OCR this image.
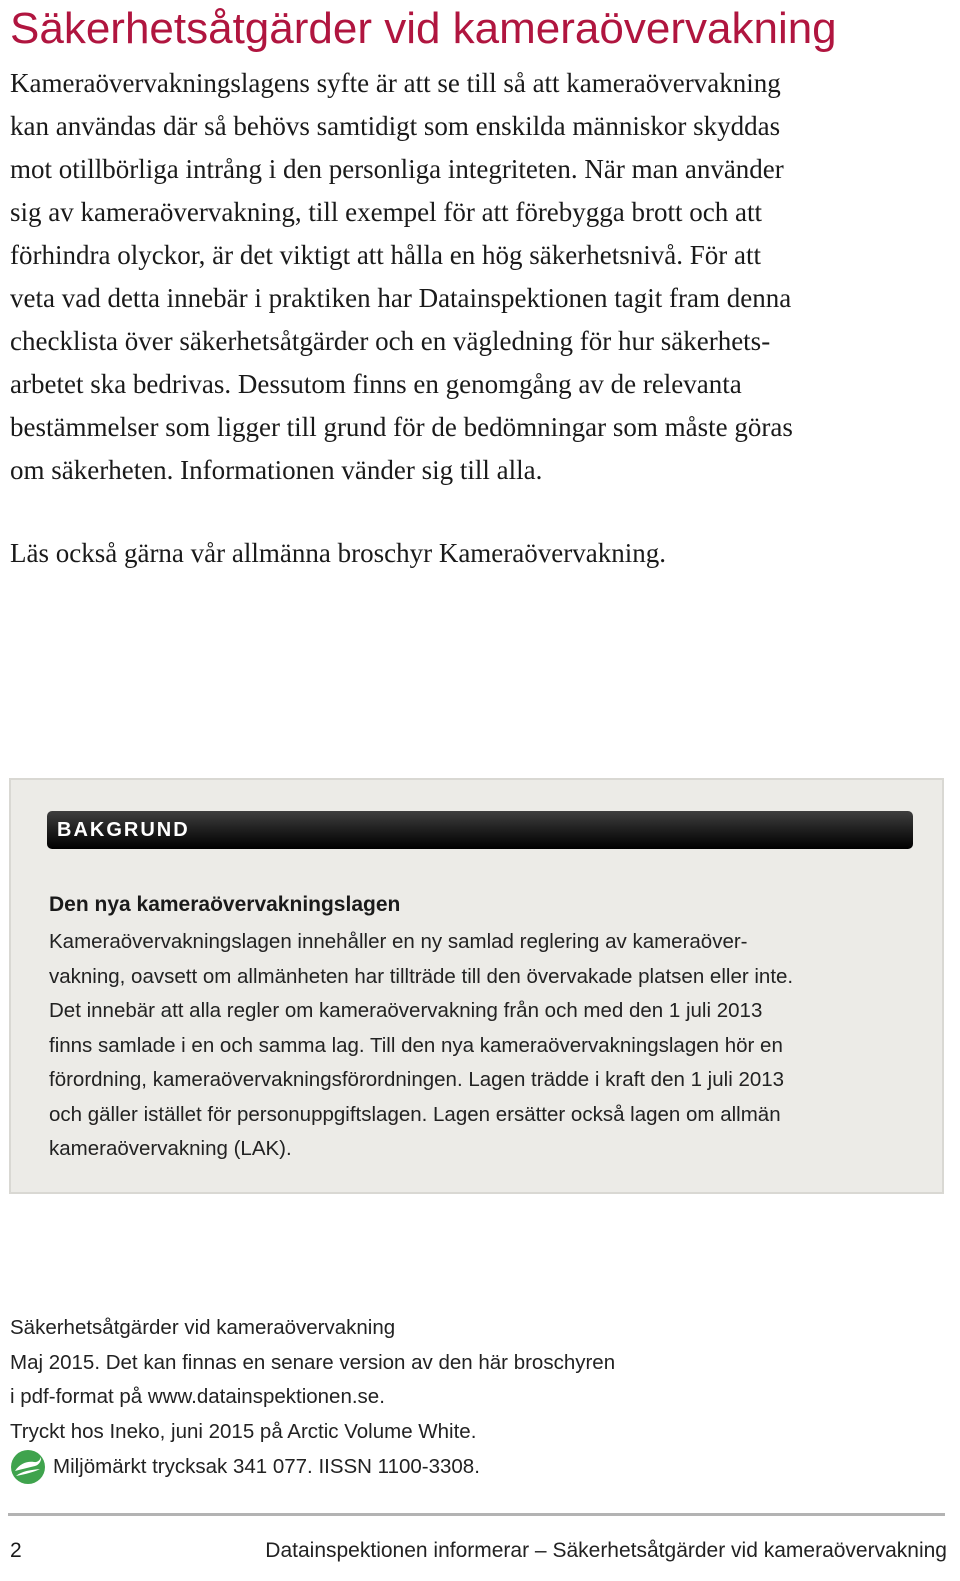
Säkerhetsåtgärder vid kameraövervakning
Kameraövervakningslagens syfte är att se till så att kameraövervakning
kan användas där så behövs samtidigt som enskilda människor skyddas
mot otillbörliga intrång i den personliga integriteten. När man använder
sig av kameraövervakning, till exempel för att förebygga brott och att
förhindra olyckor, är det viktigt att hålla en hög säkerhetsnivå. För att
veta vad detta innebär i praktiken har Datainspektionen tagit fram denna
checklista över säkerhetsåtgärder och en vägledning för hur säkerhets-
arbetet ska bedrivas. Dessutom finns en genomgång av de relevanta
bestämmelser som ligger till grund för de bedömningar som måste göras
om säkerheten. Informationen vänder sig till alla.
Läs också gärna vår allmänna broschyr Kameraövervakning.
BAKGRUND
Den nya kameraövervakningslagen
Kameraövervakningslagen innehåller en ny samlad reglering av kameraöver-
vakning, oavsett om allmänheten har tillträde till den övervakade platsen eller inte.
Det innebär att alla regler om kameraövervakning från och med den 1 juli 2013
finns samlade i en och samma lag. Till den nya kameraövervakningslagen hör en
förordning, kameraövervakningsförordningen. Lagen trädde i kraft den 1 juli 2013
och gäller istället för personuppgiftslagen. Lagen ersätter också lagen om allmän
kameraövervakning (LAK).
Säkerhetsåtgärder vid kameraövervakning
Maj 2015. Det kan finnas en senare version av den här broschyren
i pdf-format på www.datainspektionen.se.
Tryckt hos Ineko, juni 2015 på Arctic Volume White.
Miljömärkt trycksak 341 077. IISSN 1100-3308.
2	Datainspektionen informerar – Säkerhetsåtgärder vid kameraövervakning
